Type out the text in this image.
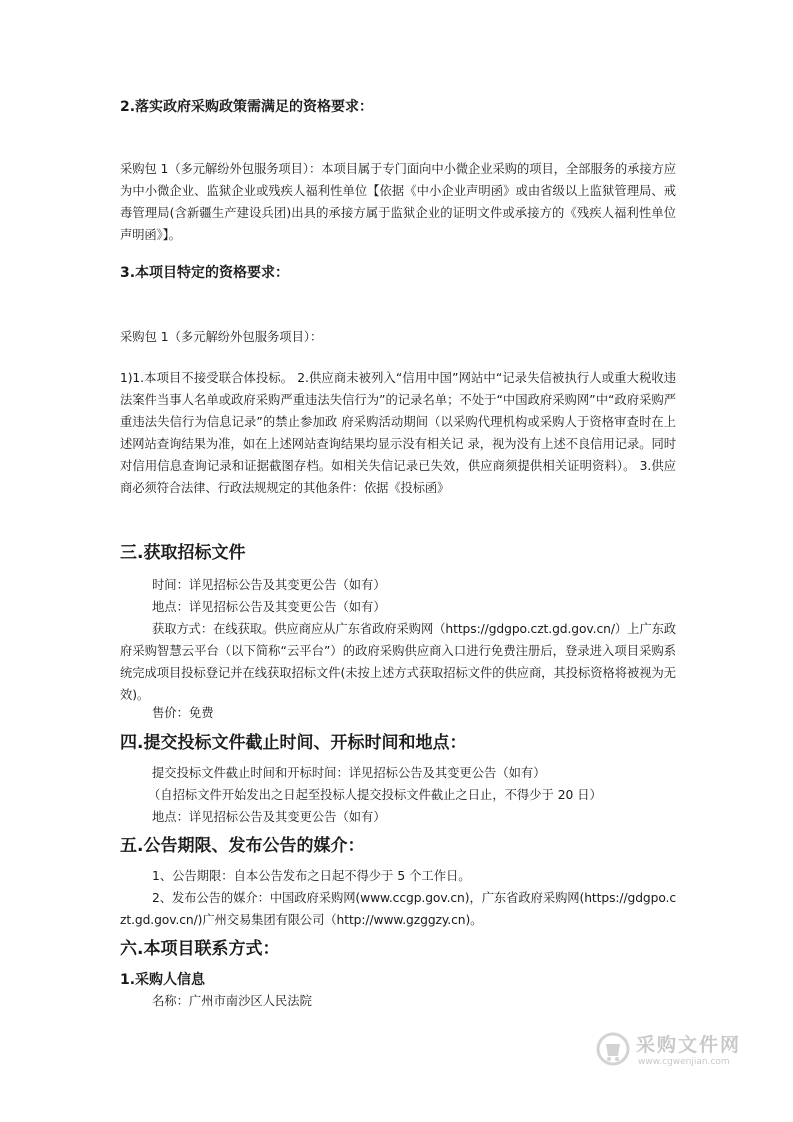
2.落实政府采购政策需满足的资格要求：
采购包 1（多元解纷外包服务项目）：本项目属于专门面向中小微企业采购的项目，全部服务的承接方应为中小微企业、监狱企业或残疾人福利性单位【依据《中小企业声明函》或由省级以上监狱管理局、戒毒管理局(含新疆生产建设兵团)出具的承接方属于监狱企业的证明文件或承接方的《残疾人福利性单位声明函》】。
3.本项目特定的资格要求：
采购包 1（多元解纷外包服务项目）：
1)1.本项目不接受联合体投标。 2.供应商未被列入“信用中国”网站中“记录失信被执行人或重大税收违法案件当事人名单或政府采购严重违法失信行为”的记录名单；不处于“中国政府采购网”中“政府采购严重违法失信行为信息记录”的禁止参加政 府采购活动期间（以采购代理机构或采购人于资格审查时在上述网站查询结果为准，如在上述网站查询结果均显示没有相关记 录，视为没有上述不良信用记录。同时对信用信息查询记录和证据截图存档。如相关失信记录已失效，供应商须提供相关证明资料）。 3.供应商必须符合法律、行政法规规定的其他条件：依据《投标函》
三.获取招标文件
时间：详见招标公告及其变更公告（如有）
地点：详见招标公告及其变更公告（如有）
获取方式：在线获取。供应商应从广东省政府采购网（https://gdgpo.czt.gd.gov.cn/）上广东政府采购智慧云平台（以下简称“云平台”）的政府采购供应商入口进行免费注册后，登录进入项目采购系统完成项目投标登记并在线获取招标文件(未按上述方式获取招标文件的供应商，其投标资格将被视为无效)。
售价：免费
四.提交投标文件截止时间、开标时间和地点：
提交投标文件截止时间和开标时间：详见招标公告及其变更公告（如有）
（自招标文件开始发出之日起至投标人提交投标文件截止之日止，不得少于 20 日）
地点：详见招标公告及其变更公告（如有）
五.公告期限、发布公告的媒介：
1、公告期限：自本公告发布之日起不得少于 5 个工作日。
2、发布公告的媒介：中国政府采购网(www.ccgp.gov.cn)，广东省政府采购网(https://gdgpo.czt.gd.gov.cn/)广州交易集团有限公司（http://www.gzggzy.cn)。
六.本项目联系方式：
1.采购人信息
名称：广州市南沙区人民法院
采购文件网
www.cgwenjian.com
